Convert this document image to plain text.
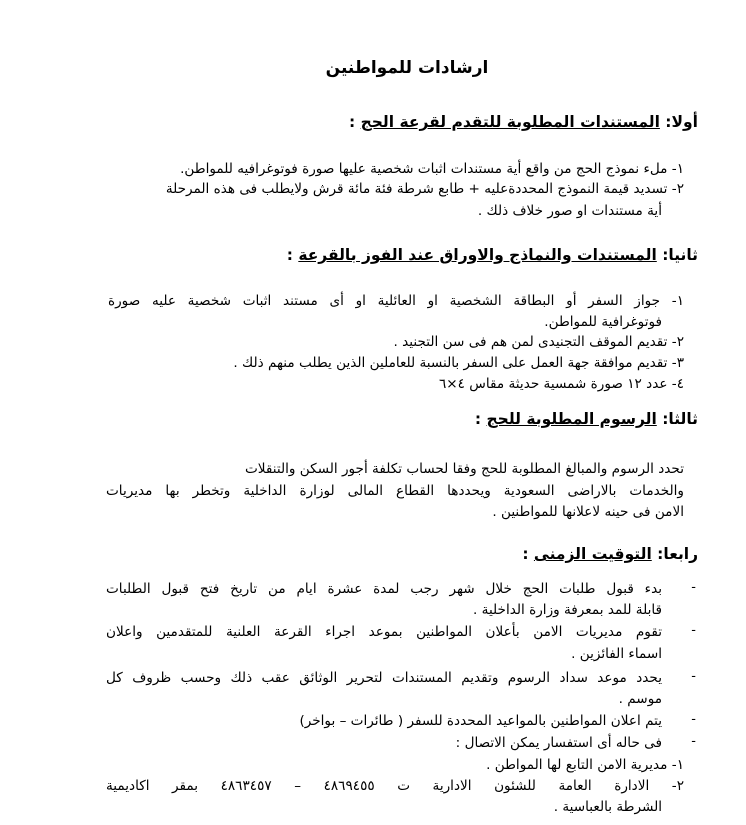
ارشادات للمواطنين
أولا: المستندات المطلوبة للتقدم لقرعة الحج :
١- ملء نموذج الحج من واقع أية مستندات اثبات شخصية عليها صورة فوتوغرافيه للمواطن.
٢- تسديد قيمة النموذج المحددةعليه + طابع شرطة فئة مائة قرش ولايطلب فى هذه المرحلة
أية مستندات او صور خلاف ذلك .
ثانيا: المستندات والنماذج والاوراق عند الفوز بالقرعة :
١- جواز السفر أو البطاقة الشخصية او العائلية او أى مستند اثبات شخصية عليه صورة
فوتوغرافية للمواطن.
٢- تقديم الموقف التجنيدى لمن هم فى سن التجنيد .
٣- تقديم موافقة جهة العمل على السفر بالنسبة للعاملين الذين يطلب منهم ذلك .
٤- عدد ١٢ صورة شمسية حديثة مقاس ٤×٦
ثالثا: الرسوم المطلوبة للحج :
تحدد الرسوم والمبالغ المطلوبة للحج وفقا لحساب تكلفة أجور السكن والتنقلات
والخدمات بالاراضى السعودية ويحددها القطاع المالى لوزارة الداخلية وتخطر بها مديريات
الامن فى حينه لاعلانها للمواطنين .
رابعا: التوقيت الزمنى :
-
بدء قبول طلبات الحج خلال شهر رجب لمدة عشرة ايام من تاريخ فتح قبول الطلبات
قابلة للمد بمعرفة وزارة الداخلية .
-
تقوم مديريات الامن بأعلان المواطنين بموعد اجراء القرعة العلنية للمتقدمين واعلان
اسماء الفائزين .
-
يحدد موعد سداد الرسوم وتقديم المستندات لتحرير الوثائق عقب ذلك وحسب ظروف كل
موسم .
-
يتم اعلان المواطنين بالمواعيد المحددة للسفر ( طائرات – بواخر)
-
فى حاله أى استفسار يمكن الاتصال :
١- مديرية الامن التابع لها المواطن .
٢- الادارة العامة للشئون الادارية ت ٤٨٦٩٤٥٥ – ٤٨٦٣٤٥٧ بمقر اكاديمية
الشرطة بالعباسية .
